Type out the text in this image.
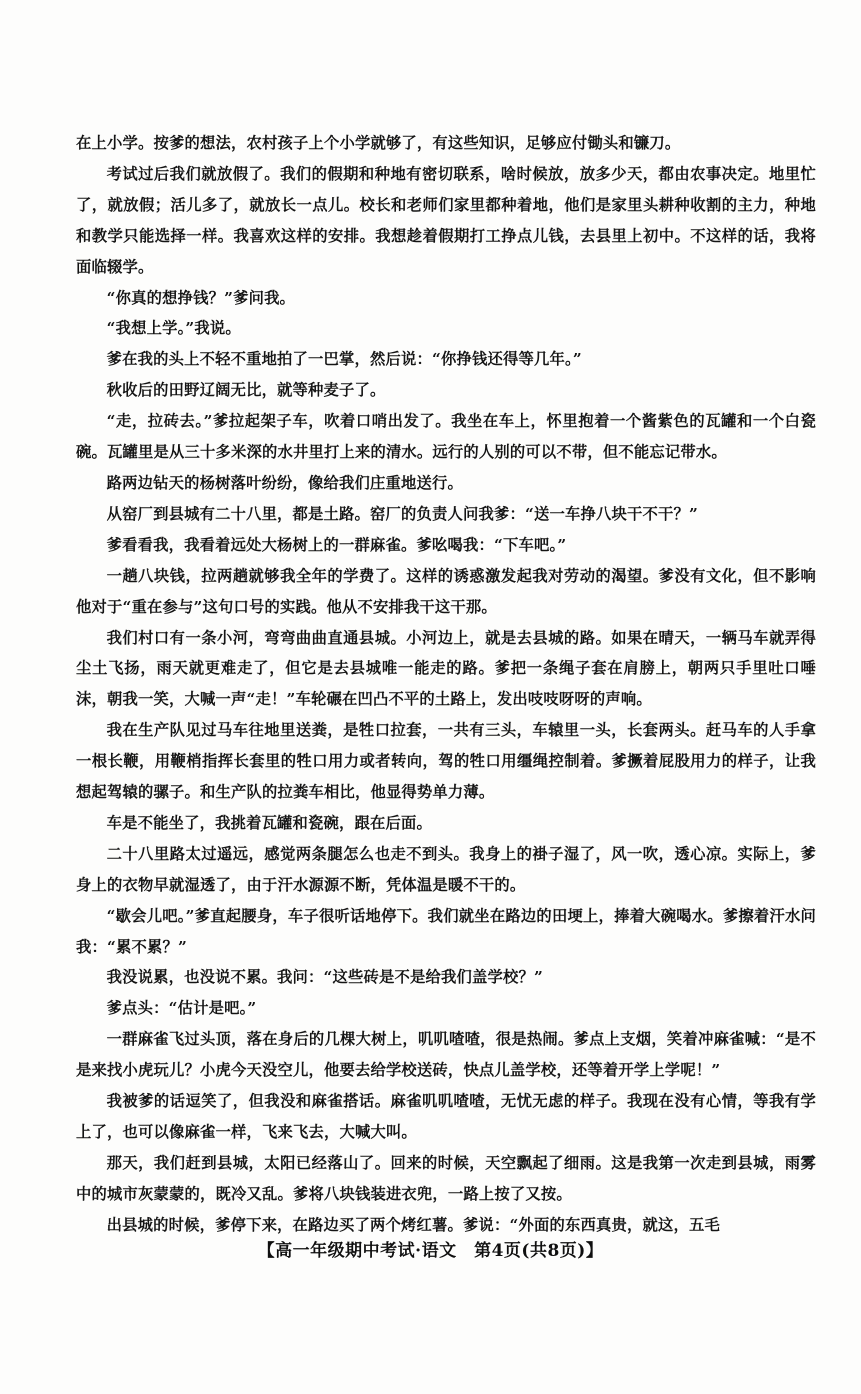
在上小学。按爹的想法，农村孩子上个小学就够了，有这些知识，足够应付锄头和镰刀。

考试过后我们就放假了。我们的假期和种地有密切联系，啥时候放，放多少天，都由农事决定。地里忙了，就放假；活儿多了，就放长一点儿。校长和老师们家里都种着地，他们是家里头耕种收割的主力，种地和教学只能选择一样。我喜欢这样的安排。我想趁着假期打工挣点儿钱，去县里上初中。不这样的话，我将面临辍学。

“你真的想挣钱？”爹问我。

“我想上学。”我说。

爹在我的头上不轻不重地拍了一巴掌，然后说：“你挣钱还得等几年。”

秋收后的田野辽阔无比，就等种麦子了。

“走，拉砖去。”爹拉起架子车，吹着口哨出发了。我坐在车上，怀里抱着一个酱紫色的瓦罐和一个白瓷碗。瓦罐里是从三十多米深的水井里打上来的清水。远行的人别的可以不带，但不能忘记带水。

路两边钻天的杨树落叶纷纷，像给我们庄重地送行。

从窑厂到县城有二十八里，都是土路。窑厂的负责人问我爹：“送一车挣八块干不干？”

爹看看我，我看着远处大杨树上的一群麻雀。爹吆喝我：“下车吧。”

一趟八块钱，拉两趟就够我全年的学费了。这样的诱惑激发起我对劳动的渴望。爹没有文化，但不影响他对于“重在参与”这句口号的实践。他从不安排我干这干那。

我们村口有一条小河，弯弯曲曲直通县城。小河边上，就是去县城的路。如果在晴天，一辆马车就弄得尘土飞扬，雨天就更难走了，但它是去县城唯一能走的路。爹把一条绳子套在肩膀上，朝两只手里吐口唾沫，朝我一笑，大喊一声“走！”车轮碾在凹凸不平的土路上，发出吱吱呀呀的声响。

我在生产队见过马车往地里送粪，是牲口拉套，一共有三头，车辕里一头，长套两头。赶马车的人手拿一根长鞭，用鞭梢指挥长套里的牲口用力或者转向，驾的牲口用缰绳控制着。爹撅着屁股用力的样子，让我想起驾辕的骡子。和生产队的拉粪车相比，他显得势单力薄。

车是不能坐了，我挑着瓦罐和瓷碗，跟在后面。

二十八里路太过遥远，感觉两条腿怎么也走不到头。我身上的褂子湿了，风一吹，透心凉。实际上，爹身上的衣物早就湿透了，由于汗水源源不断，凭体温是暖不干的。

“歇会儿吧。”爹直起腰身，车子很听话地停下。我们就坐在路边的田埂上，捧着大碗喝水。爹擦着汗水问我：“累不累？”

我没说累，也没说不累。我问：“这些砖是不是给我们盖学校？”

爹点头：“估计是吧。”

一群麻雀飞过头顶，落在身后的几棵大树上，叽叽喳喳，很是热闹。爹点上支烟，笑着冲麻雀喊：“是不是来找小虎玩儿？小虎今天没空儿，他要去给学校送砖，快点儿盖学校，还等着开学上学呢！”

我被爹的话逗笑了，但我没和麻雀搭话。麻雀叽叽喳喳，无忧无虑的样子。我现在没有心情，等我有学上了，也可以像麻雀一样，飞来飞去，大喊大叫。

那天，我们赶到县城，太阳已经落山了。回来的时候，天空飘起了细雨。这是我第一次走到县城，雨雾中的城市灰蒙蒙的，既冷又乱。爹将八块钱装进衣兜，一路上按了又按。

出县城的时候，爹停下来，在路边买了两个烤红薯。爹说：“外面的东西真贵，就这，五毛

【高一年级期中考试·语文　第4页(共8页)】
